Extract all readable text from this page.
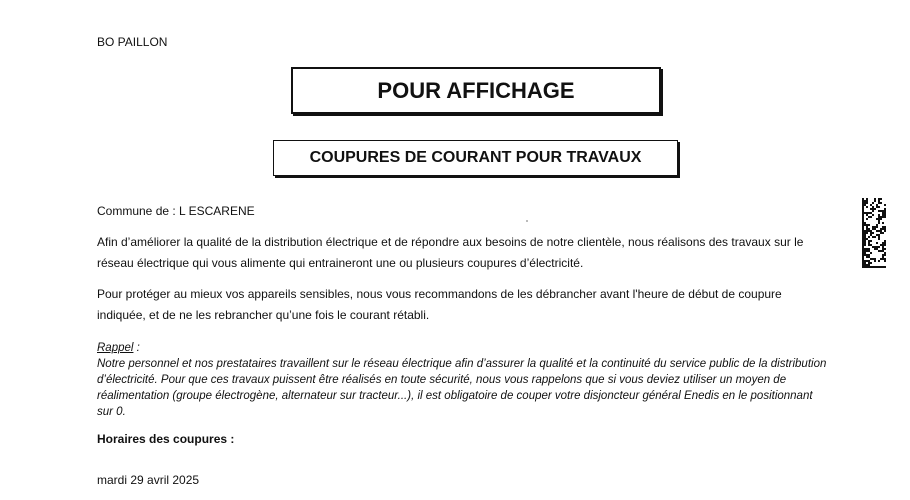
BO PAILLON
POUR AFFICHAGE
COUPURES DE COURANT POUR TRAVAUX
Commune de : L ESCARENE
Afin d’améliorer la qualité de la distribution électrique et de répondre aux besoins de notre clientèle, nous réalisons des travaux sur le réseau électrique qui vous alimente qui entraineront une ou plusieurs coupures d’électricité.
Pour protéger au mieux vos appareils sensibles, nous vous recommandons de les débrancher avant l'heure de début de coupure indiquée, et de ne les rebrancher qu’une fois le courant rétabli.
Rappel :
Notre personnel et nos prestataires travaillent sur le réseau électrique afin d’assurer la qualité et la continuité du service public de la distribution d’électricité. Pour que ces travaux puissent être réalisés en toute sécurité, nous vous rappelons que si vous deviez utiliser un moyen de réalimentation (groupe électrogène, alternateur sur tracteur...), il est obligatoire de couper votre disjoncteur général Enedis en le positionnant sur 0.
Horaires des coupures :
mardi 29 avril 2025
